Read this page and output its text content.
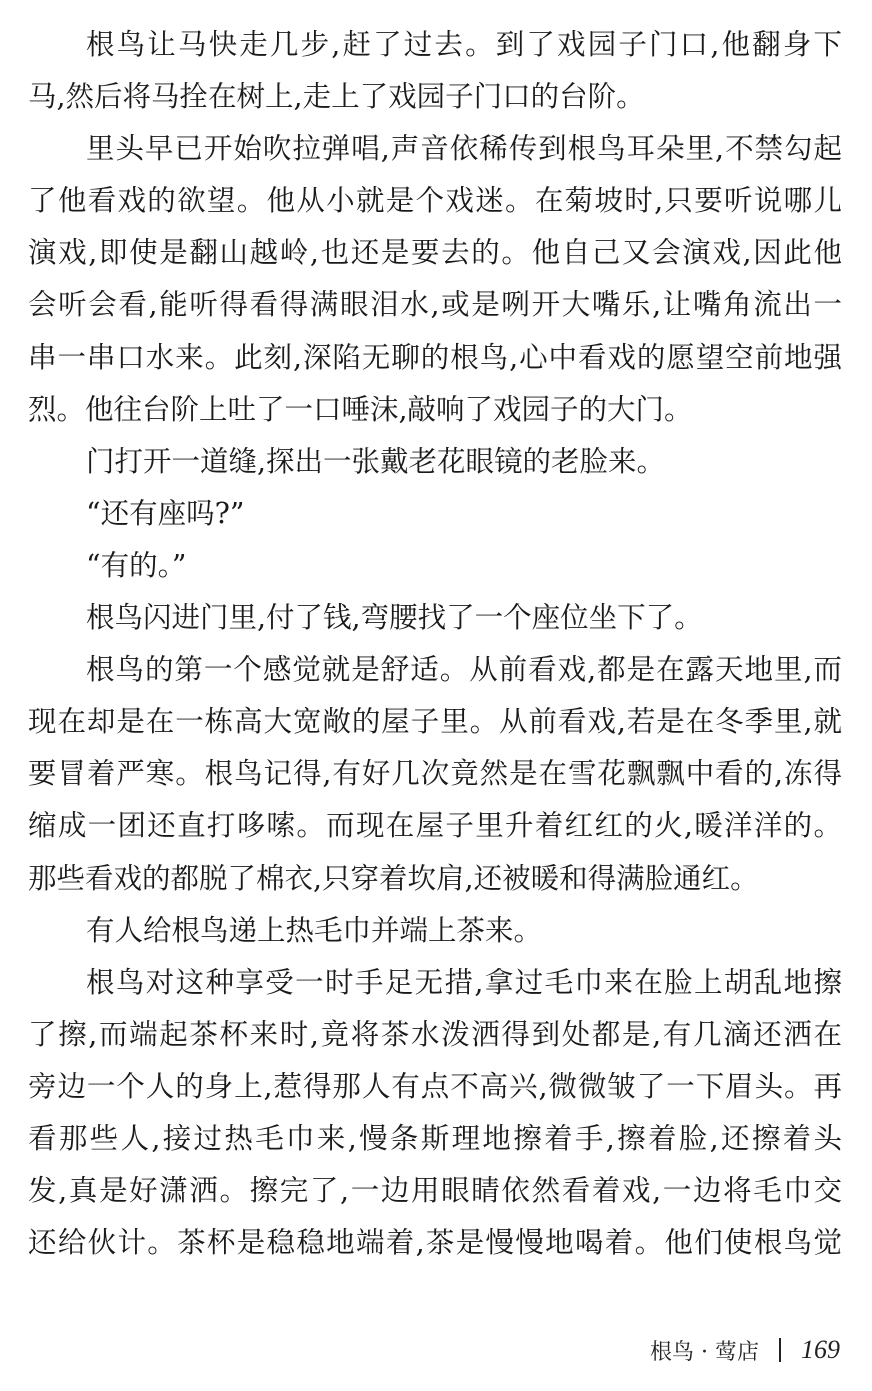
根鸟让马快走几步,赶了过去。到了戏园子门口,他翻身下
马,然后将马拴在树上,走上了戏园子门口的台阶。
里头早已开始吹拉弹唱,声音依稀传到根鸟耳朵里,不禁勾起
了他看戏的欲望。他从小就是个戏迷。在菊坡时,只要听说哪儿
演戏,即使是翻山越岭,也还是要去的。他自己又会演戏,因此他
会听会看,能听得看得满眼泪水,或是咧开大嘴乐,让嘴角流出一
串一串口水来。此刻,深陷无聊的根鸟,心中看戏的愿望空前地强
烈。他往台阶上吐了一口唾沫,敲响了戏园子的大门。
门打开一道缝,探出一张戴老花眼镜的老脸来。
“还有座吗?”
“有的。”
根鸟闪进门里,付了钱,弯腰找了一个座位坐下了。
根鸟的第一个感觉就是舒适。从前看戏,都是在露天地里,而
现在却是在一栋高大宽敞的屋子里。从前看戏,若是在冬季里,就
要冒着严寒。根鸟记得,有好几次竟然是在雪花飘飘中看的,冻得
缩成一团还直打哆嗦。而现在屋子里升着红红的火,暖洋洋的。
那些看戏的都脱了棉衣,只穿着坎肩,还被暖和得满脸通红。
有人给根鸟递上热毛巾并端上茶来。
根鸟对这种享受一时手足无措,拿过毛巾来在脸上胡乱地擦
了擦,而端起茶杯来时,竟将茶水泼洒得到处都是,有几滴还洒在
旁边一个人的身上,惹得那人有点不高兴,微微皱了一下眉头。再
看那些人,接过热毛巾来,慢条斯理地擦着手,擦着脸,还擦着头
发,真是好潇洒。擦完了,一边用眼睛依然看着戏,一边将毛巾交
还给伙计。茶杯是稳稳地端着,茶是慢慢地喝着。他们使根鸟觉
根鸟 · 莺店 169
